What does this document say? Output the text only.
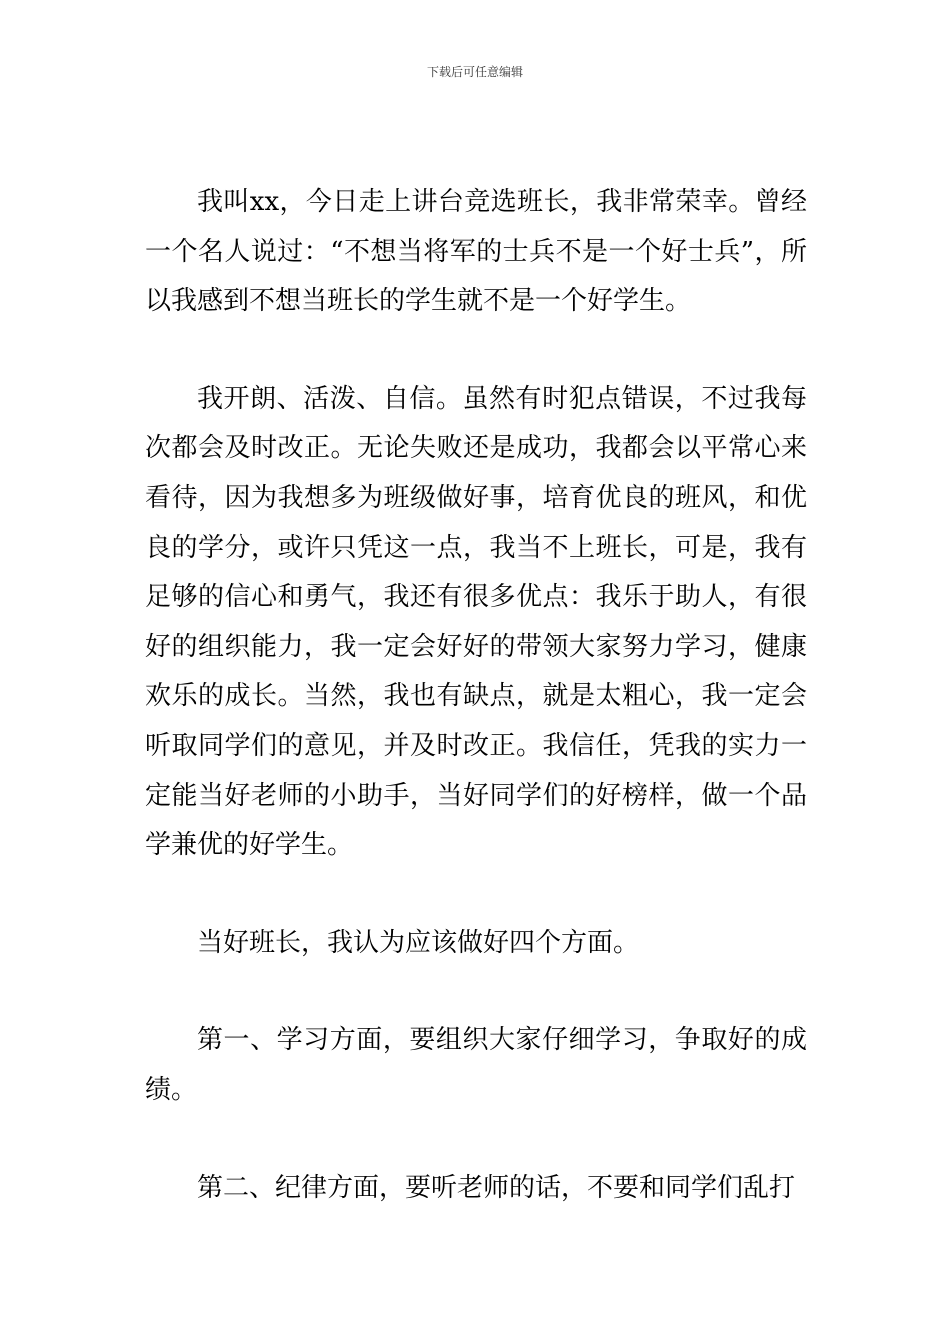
下载后可任意编辑

我叫xx，今日走上讲台竞选班长，我非常荣幸。曾经一个名人说过：“不想当将军的士兵不是一个好士兵”，所以我感到不想当班长的学生就不是一个好学生。

我开朗、活泼、自信。虽然有时犯点错误，不过我每次都会及时改正。无论失败还是成功，我都会以平常心来看待，因为我想多为班级做好事，培育优良的班风，和优良的学分，或许只凭这一点，我当不上班长，可是，我有足够的信心和勇气，我还有很多优点：我乐于助人，有很好的组织能力，我一定会好好的带领大家努力学习，健康欢乐的成长。当然，我也有缺点，就是太粗心，我一定会听取同学们的意见，并及时改正。我信任，凭我的实力一定能当好老师的小助手，当好同学们的好榜样，做一个品学兼优的好学生。

当好班长，我认为应该做好四个方面。

第一、学习方面，要组织大家仔细学习，争取好的成绩。

第二、纪律方面，要听老师的话，不要和同学们乱打
